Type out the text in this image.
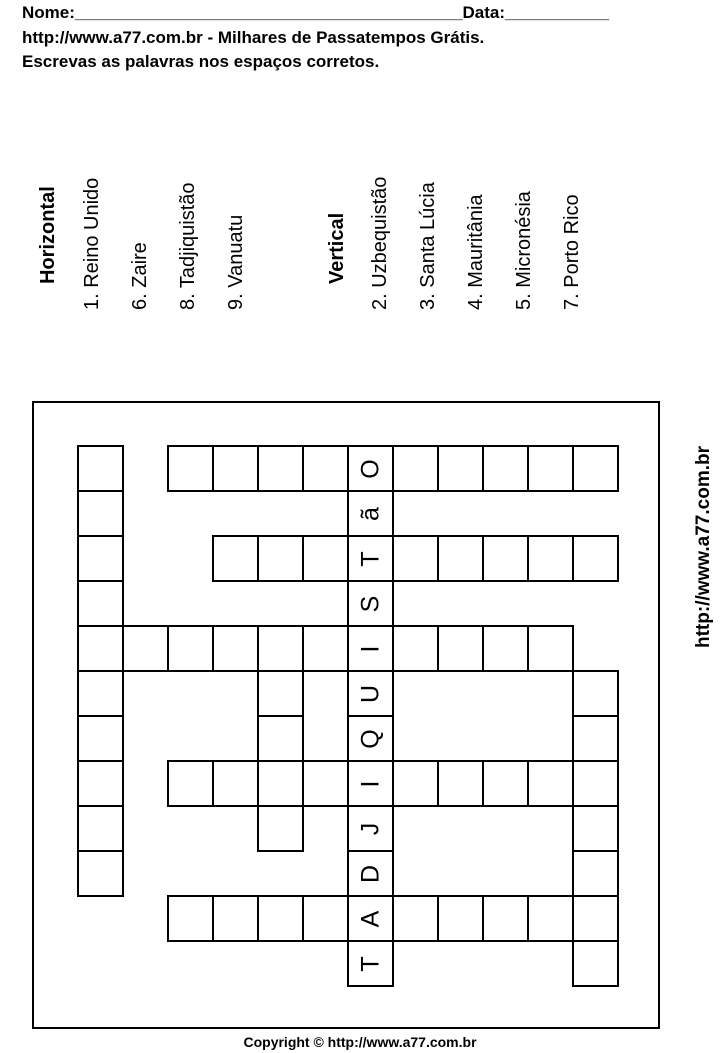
Nome:_________________________________________Data:___________
http://www.a77.com.br - Milhares de Passatempos Grátis.
Escrevas as palavras nos espaços corretos.
Horizontal 1. Reino Unido 6. Zaire 8. Tadjiquistão 9. Vanuatu	Vertical 2. Uzbequistão 3. Santa Lúcia 4. Mauritânia 5. Micronésia 7. Porto Rico
O
ã
T
S
I
U
Q
I
J
D
A
T
http://www.a77.com.br
Copyright © http://www.a77.com.br
